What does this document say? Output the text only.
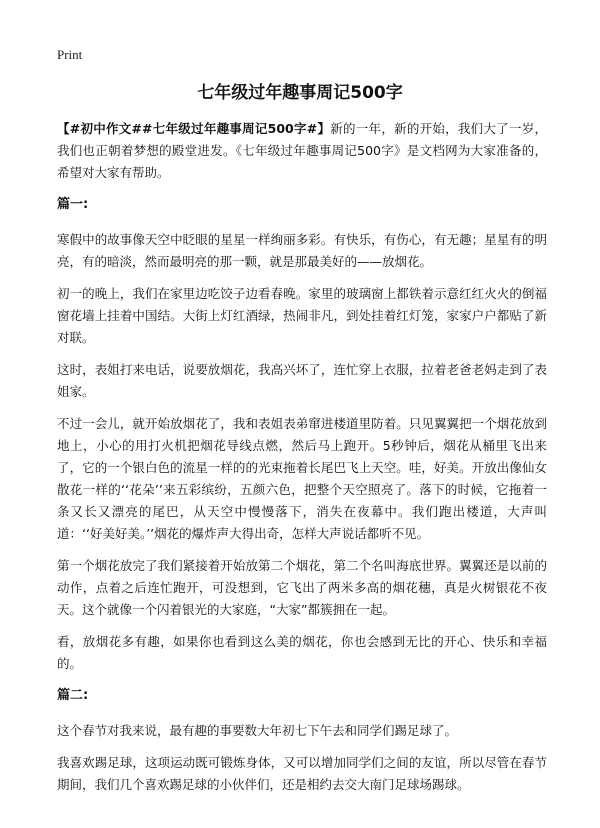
Print
七年级过年趣事周记500字

【#初中作文##七年级过年趣事周记500字#】新的一年，新的开始，我们大了一岁，我们也正朝着梦想的殿堂进发。《七年级过年趣事周记500字》是文档网为大家准备的，希望对大家有帮助。

篇一:

寒假中的故事像天空中眨眼的星星一样绚丽多彩。有快乐，有伤心，有无趣；星星有的明亮，有的暗淡，然而最明亮的那一颗，就是那最美好的——放烟花。

初一的晚上，我们在家里边吃饺子边看春晚。家里的玻璃窗上都铁着示意红红火火的倒福窗花墙上挂着中国结。大街上灯红酒绿，热闹非凡，到处挂着红灯笼，家家户户都贴了新对联。

这时，表姐打来电话，说要放烟花，我高兴坏了，连忙穿上衣服，拉着老爸老妈走到了表姐家。

不过一会儿，就开始放烟花了，我和表姐表弟窜进楼道里防着。只见翼翼把一个烟花放到地上，小心的用打火机把烟花导线点燃，然后马上跑开。5秒钟后，烟花从桶里飞出来了，它的一个银白色的流星一样的的光束拖着长尾巴飞上天空。哇，好美。开放出像仙女散花一样的‘‘花朵’’来五彩缤纷，五颜六色，把整个天空照亮了。落下的时候，它拖着一条又长又漂亮的尾巴，从天空中慢慢落下，消失在夜幕中。我们跑出楼道，大声叫道：‘‘好美好美。’’烟花的爆炸声大得出奇，怎样大声说话都听不见。

第一个烟花放完了我们紧接着开始放第二个烟花，第二个名叫海底世界。翼翼还是以前的动作，点着之后连忙跑开，可没想到，它飞出了两米多高的烟花穗，真是火树银花不夜天。这个就像一个闪着银光的大家庭，“大家”都簇拥在一起。

看，放烟花多有趣，如果你也看到这么美的烟花，你也会感到无比的开心、快乐和幸福的。

篇二:

这个春节对我来说，最有趣的事要数大年初七下午去和同学们踢足球了。

我喜欢踢足球，这项运动既可锻炼身体，又可以增加同学们之间的友谊，所以尽管在春节期间，我们几个喜欢踢足球的小伙伴们，还是相约去交大南门足球场踢球。
